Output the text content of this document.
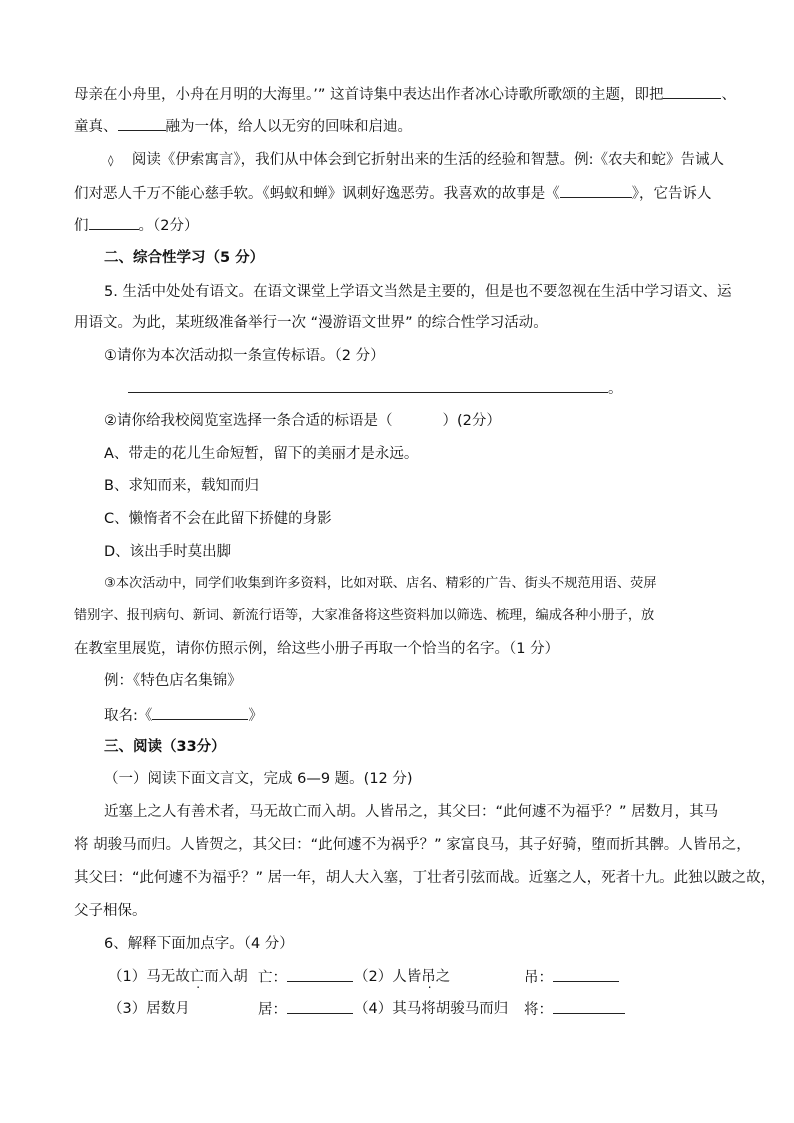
母亲在小舟里，小舟在月明的大海里。’” 这首诗集中表达出作者冰心诗歌所歌颂的主题，即把	、
童真、	融为一体，给人以无穷的回味和启迪。
◊ 阅读《伊索寓言》，我们从中体会到它折射出来的生活的经验和智慧。例:《农夫和蛇》告诫人
们对恶人千万不能心慈手软。《蚂蚁和蝉》讽刺好逸恶劳。我喜欢的故事是《	》，它告诉人
们	。（2分）
二、综合性学习（5 分）
5. 生活中处处有语文。在语文课堂上学语文当然是主要的，但是也不要忽视在生活中学习语文、运
用语文。为此，某班级准备举行一次 “漫游语文世界” 的综合性学习活动。
①请你为本次活动拟一条宣传标语。（2 分）
。
②请你给我校阅览室选择一条合适的标语是（	）(2分）
A、带走的花儿生命短暂，留下的美丽才是永远。
B、求知而来，载知而归
C、懒惰者不会在此留下挢健的身影
D、该出手时莫出脚
③本次活动中，同学们收集到许多资料，比如对联、店名、精彩的广告、街头不规范用语、荧屏
错别字、报刊病句、新词、新流行语等，大家准备将这些资料加以筛选、梳理，编成各种小册子，放
在教室里展览，请你仿照示例，给这些小册子再取一个恰当的名字。（1 分）
例：《特色店名集锦》
取名:《	》
三、阅读（33分）
（一）阅读下面文言文，完成 6—9 题。(12 分)
近塞上之人有善术者，马无故亡而入胡。人皆吊之，其父曰：“此何遽不为福乎？” 居数月，其马
将 胡骏马而归。人皆贺之，其父曰：“此何遽不为祸乎？” 家富良马，其子好骑，堕而折其髀。人皆吊之，
其父曰：“此何遽不为福乎？” 居一年，胡人大入塞，丁壮者引弦而战。近塞之人，死者十九。此独以跛之故，
父子相保。
6、解释下面加点字。（4 分）
（1）马无故亡而入胡 亡：	（2）人皆吊之	吊：
（3）居数月	居：	（4）其马将胡骏马而归 将：
